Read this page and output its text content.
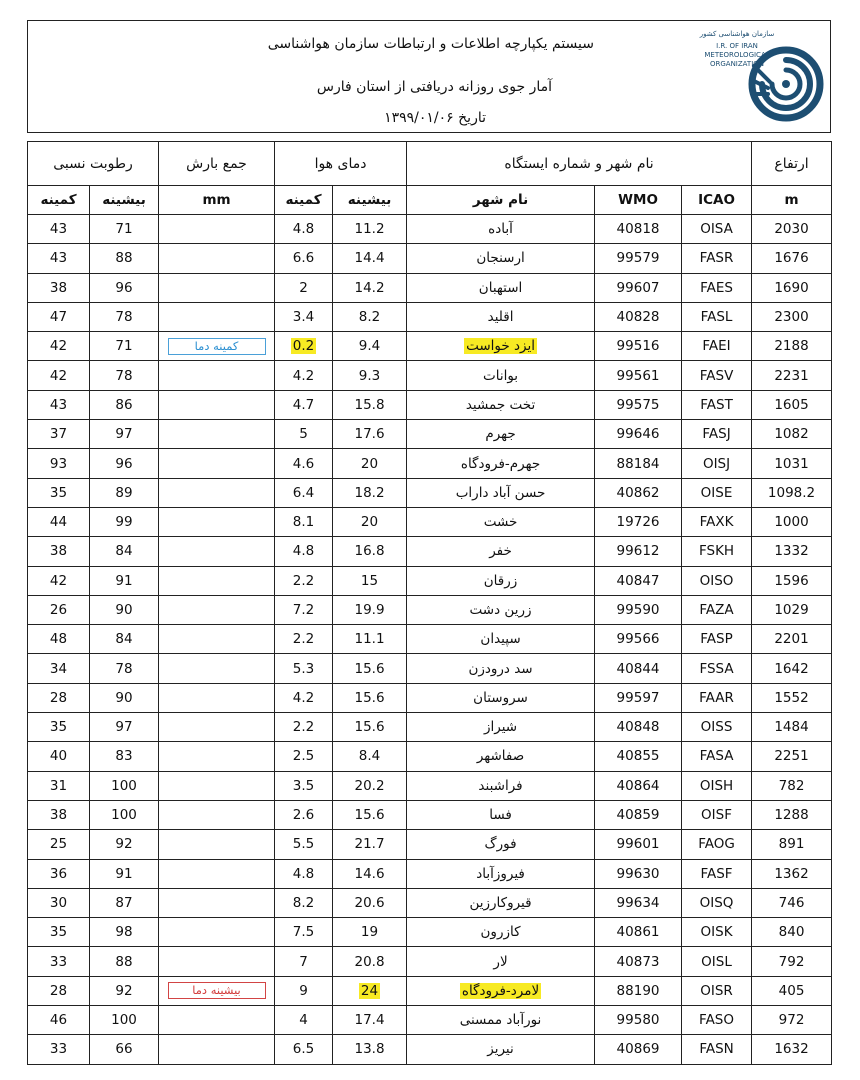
سیستم یکپارچه اطلاعات و ارتباطات سازمان هواشناسی
آمار جوی روزانه دریافتی از استان فارس
تاریخ ۱۳۹۹/۰۱/۰۶
سازمان هواشناسی کشور
I.R. OF IRAN
METEOROLOGICAL
ORGANIZATION
رطوبت نسبی		جمع بارش	دمای هوا		نام شهر و شماره ایستگاه			ارتفاع
کمینه	بیشینه	mm	کمینه	بیشینه	نام شهر	WMO	ICAO	m
43	71		4.8	11.2	آباده	40818	OISA	2030
43	88		6.6	14.4	ارسنجان	99579	FASR	1676
38	96		2	14.2	استهبان	99607	FAES	1690
47	78		3.4	8.2	اقلید	40828	FASL	2300
42	71	کمینه دما	0.2	9.4	ایزد خواست	99516	FAEI	2188
42	78		4.2	9.3	بوانات	99561	FASV	2231
43	86		4.7	15.8	تخت جمشید	99575	FAST	1605
37	97		5	17.6	جهرم	99646	FASJ	1082
93	96		4.6	20	جهرم-فرودگاه	88184	OISJ	1031
35	89		6.4	18.2	حسن آباد داراب	40862	OISE	1098.2
44	99		8.1	20	خشت	19726	FAXK	1000
38	84		4.8	16.8	خفر	99612	FSKH	1332
42	91		2.2	15	زرقان	40847	OISO	1596
26	90		7.2	19.9	زرین دشت	99590	FAZA	1029
48	84		2.2	11.1	سپیدان	99566	FASP	2201
34	78		5.3	15.6	سد درودزن	40844	FSSA	1642
28	90		4.2	15.6	سروستان	99597	FAAR	1552
35	97		2.2	15.6	شیراز	40848	OISS	1484
40	83		2.5	8.4	صفاشهر	40855	FASA	2251
31	100		3.5	20.2	فراشبند	40864	OISH	782
38	100		2.6	15.6	فسا	40859	OISF	1288
25	92		5.5	21.7	فورگ	99601	FAOG	891
36	91		4.8	14.6	فیروزآباد	99630	FASF	1362
30	87		8.2	20.6	قیروکارزین	99634	OISQ	746
35	98		7.5	19	کازرون	40861	OISK	840
33	88		7	20.8	لار	40873	OISL	792
28	92	بیشینه دما	9	24	لامرد-فرودگاه	88190	OISR	405
46	100		4	17.4	نورآباد ممسنی	99580	FASO	972
33	66		6.5	13.8	نیریز	40869	FASN	1632
